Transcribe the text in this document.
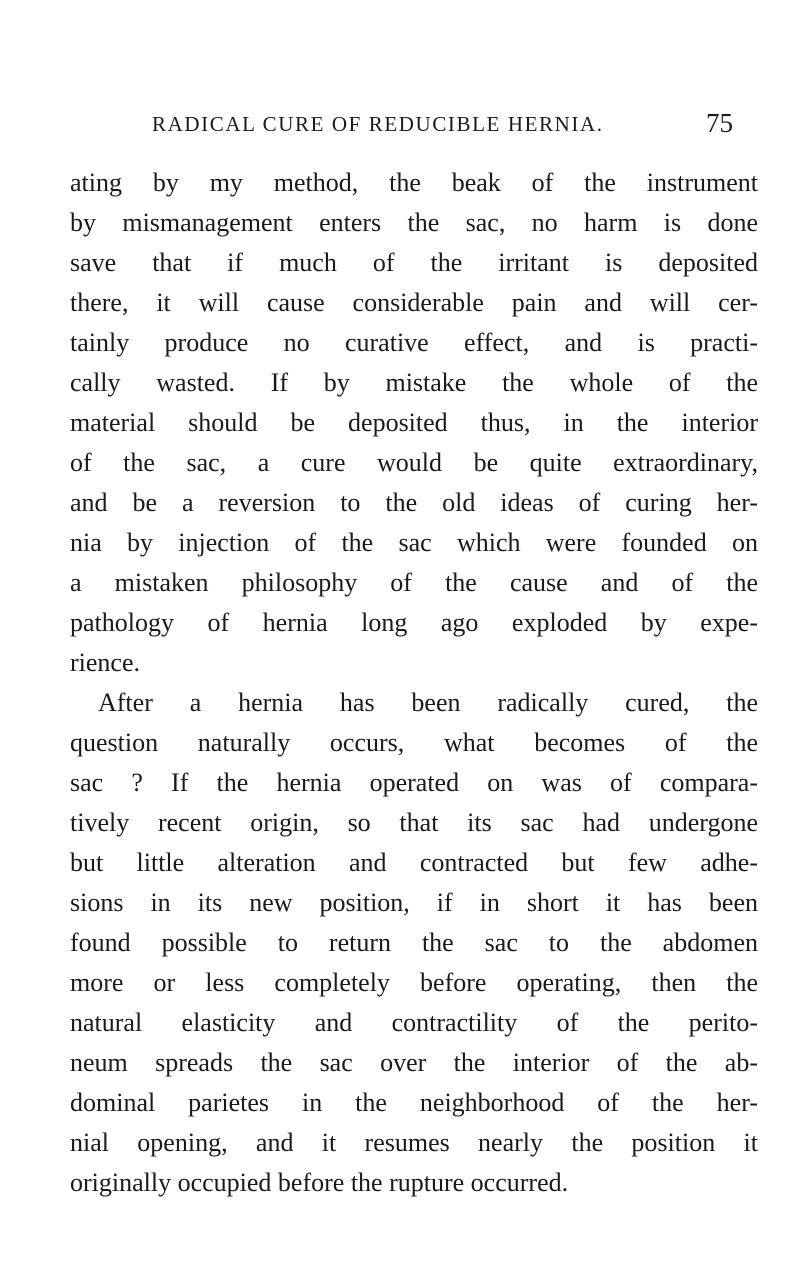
RADICAL CURE OF REDUCIBLE HERNIA.	75
ating by my method, the beak of the instrument
by mismanagement enters the sac, no harm is done
save that if much of the irritant is deposited
there, it will cause considerable pain and will cer-
tainly produce no curative effect, and is practi-
cally wasted. If by mistake the whole of the
material should be deposited thus, in the interior
of the sac, a cure would be quite extraordinary,
and be a reversion to the old ideas of curing her-
nia by injection of the sac which were founded on
a mistaken philosophy of the cause and of the
pathology of hernia long ago exploded by expe-
rience.
After a hernia has been radically cured, the
question naturally occurs, what becomes of the
sac ? If the hernia operated on was of compara-
tively recent origin, so that its sac had undergone
but little alteration and contracted but few adhe-
sions in its new position, if in short it has been
found possible to return the sac to the abdomen
more or less completely before operating, then the
natural elasticity and contractility of the perito-
neum spreads the sac over the interior of the ab-
dominal parietes in the neighborhood of the her-
nial opening, and it resumes nearly the position it
originally occupied before the rupture occurred.
